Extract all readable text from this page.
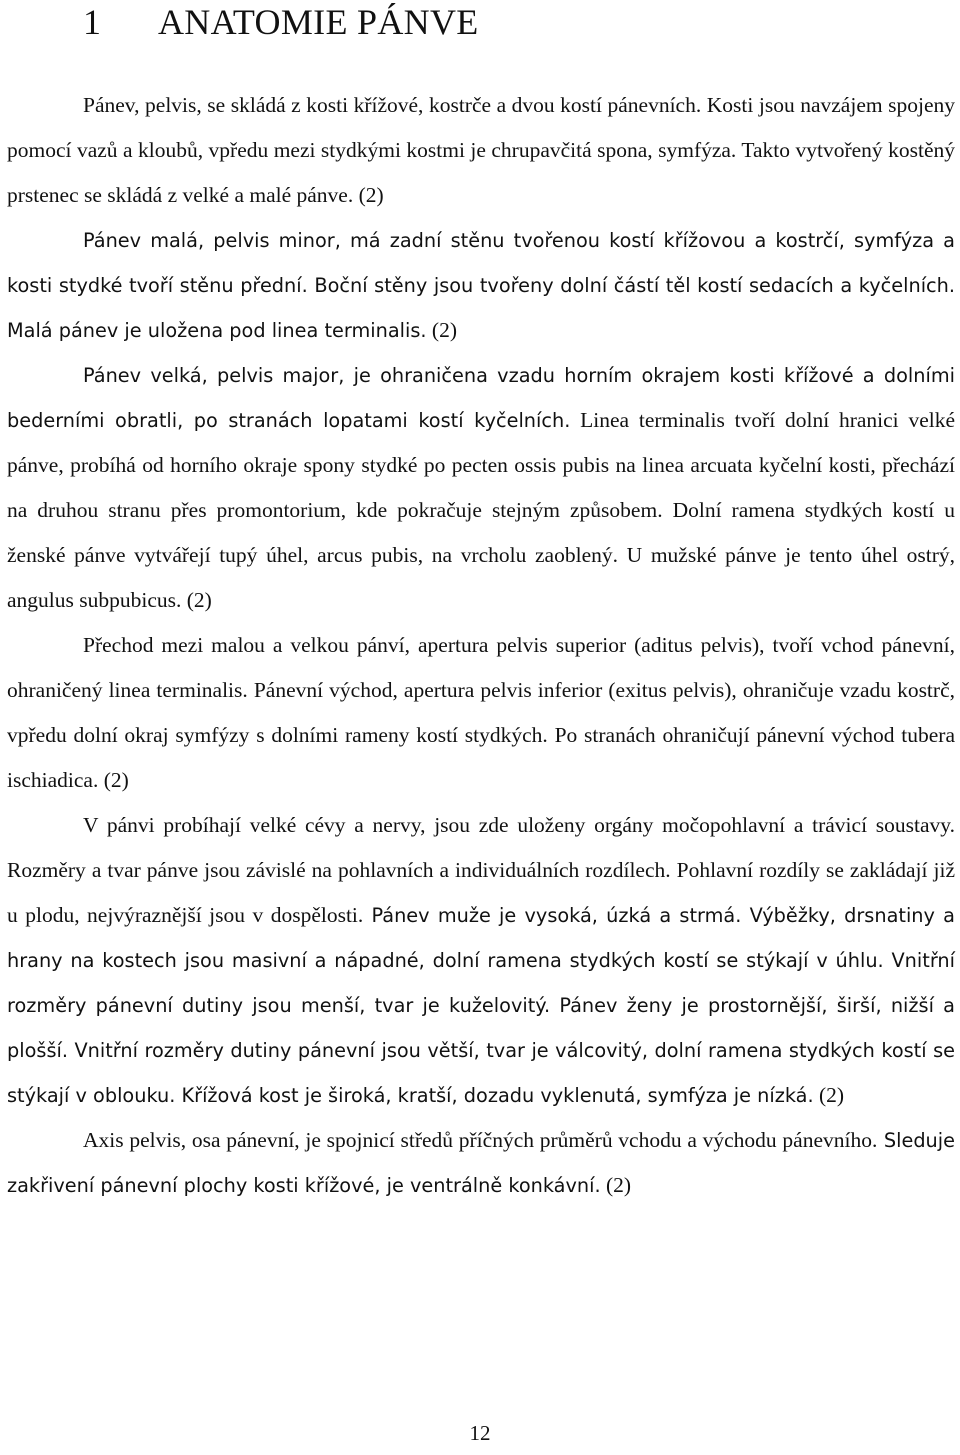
1 ANATOMIE PÁNVE

Pánev, pelvis, se skládá z kosti křížové, kostrče a dvou kostí pánevních. Kosti jsou navzájem spojeny pomocí vazů a kloubů, vpředu mezi stydkými kostmi je chrupavčitá spona, symfýza. Takto vytvořený kostěný prstenec se skládá z velké a malé pánve. (2)

Pánev malá, pelvis minor, má zadní stěnu tvořenou kostí křížovou a kostrčí, symfýza a kosti stydké tvoří stěnu přední. Boční stěny jsou tvořeny dolní částí těl kostí sedacích a kyčelních. Malá pánev je uložena pod linea terminalis. (2)

Pánev velká, pelvis major, je ohraničena vzadu horním okrajem kosti křížové a dolními bederními obratli, po stranách lopatami kostí kyčelních. Linea terminalis tvoří dolní hranici velké pánve, probíhá od horního okraje spony stydké po pecten ossis pubis na linea arcuata kyčelní kosti, přechází na druhou stranu přes promontorium, kde pokračuje stejným způsobem. Dolní ramena stydkých kostí u ženské pánve vytvářejí tupý úhel, arcus pubis, na vrcholu zaoblený. U mužské pánve je tento úhel ostrý, angulus subpubicus. (2)

Přechod mezi malou a velkou pánví, apertura pelvis superior (aditus pelvis), tvoří vchod pánevní, ohraničený linea terminalis. Pánevní východ, apertura pelvis inferior (exitus pelvis), ohraničuje vzadu kostrč, vpředu dolní okraj symfýzy s dolními rameny kostí stydkých. Po stranách ohraničují pánevní východ tubera ischiadica. (2)

V pánvi probíhají velké cévy a nervy, jsou zde uloženy orgány močopohlavní a trávicí soustavy. Rozměry a tvar pánve jsou závislé na pohlavních a individuálních rozdílech. Pohlavní rozdíly se zakládají již u plodu, nejvýraznější jsou v dospělosti. Pánev muže je vysoká, úzká a strmá. Výběžky, drsnatiny a hrany na kostech jsou masivní a nápadné, dolní ramena stydkých kostí se stýkají v úhlu. Vnitřní rozměry pánevní dutiny jsou menší, tvar je kuželovitý. Pánev ženy je prostornější, širší, nižší a plošší. Vnitřní rozměry dutiny pánevní jsou větší, tvar je válcovitý, dolní ramena stydkých kostí se stýkají v oblouku. Křížová kost je široká, kratší, dozadu vyklenutá, symfýza je nízká. (2)

Axis pelvis, osa pánevní, je spojnicí středů příčných průměrů vchodu a východu pánevního. Sleduje zakřivení pánevní plochy kosti křížové, je ventrálně konkávní. (2)

12
